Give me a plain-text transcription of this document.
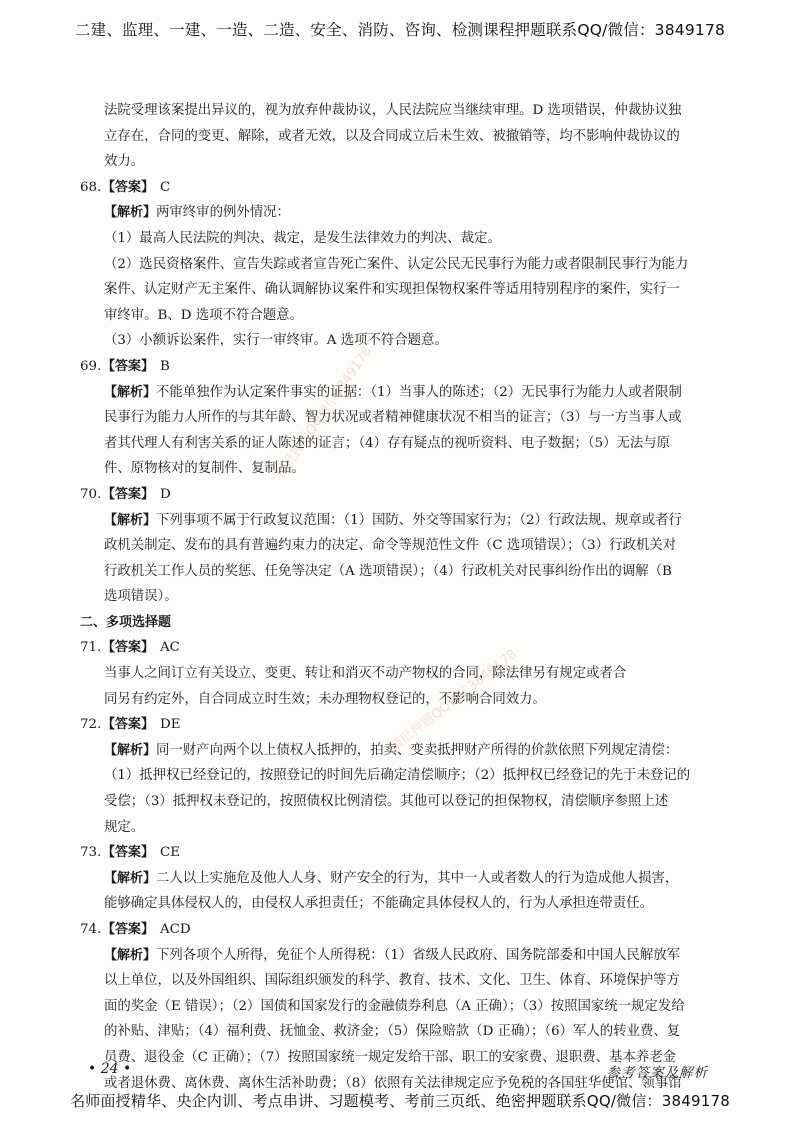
二建、监理、一建、一造、二造、安全、消防、咨询、检测课程押题联系QQ/微信：3849178
精批押题QQ微信3849178
精批押题QQ微信3849178
法院受理该案提出异议的，视为放弃仲裁协议，人民法院应当继续审理。D 选项错误，仲裁协议独
立存在，合同的变更、解除，或者无效，以及合同成立后未生效、被撤销等，均不影响仲裁协议的
效力。
68.【答案】 C
【解析】两审终审的例外情况：
（1）最高人民法院的判决、裁定，是发生法律效力的判决、裁定。
（2）选民资格案件、宣告失踪或者宣告死亡案件、认定公民无民事行为能力或者限制民事行为能力
案件、认定财产无主案件、确认调解协议案件和实现担保物权案件等适用特别程序的案件，实行一
审终审。B、D 选项不符合题意。
（3）小额诉讼案件，实行一审终审。A 选项不符合题意。
69.【答案】 B
【解析】不能单独作为认定案件事实的证据：（1）当事人的陈述；（2）无民事行为能力人或者限制
民事行为能力人所作的与其年龄、智力状况或者精神健康状况不相当的证言；（3）与一方当事人或
者其代理人有利害关系的证人陈述的证言；（4）存有疑点的视听资料、电子数据；（5）无法与原
件、原物核对的复制件、复制品。
70.【答案】 D
【解析】下列事项不属于行政复议范围：（1）国防、外交等国家行为；（2）行政法规、规章或者行
政机关制定、发布的具有普遍约束力的决定、命令等规范性文件（C 选项错误）；（3）行政机关对
行政机关工作人员的奖惩、任免等决定（A 选项错误）；（4）行政机关对民事纠纷作出的调解（B
选项错误）。
二、多项选择题
71.【答案】 AC
当事人之间订立有关设立、变更、转让和消灭不动产物权的合同，除法律另有规定或者合
同另有约定外，自合同成立时生效；未办理物权登记的，不影响合同效力。
72.【答案】 DE
【解析】同一财产向两个以上债权人抵押的，拍卖、变卖抵押财产所得的价款依照下列规定清偿：
（1）抵押权已经登记的，按照登记的时间先后确定清偿顺序；（2）抵押权已经登记的先于未登记的
受偿；（3）抵押权未登记的，按照债权比例清偿。其他可以登记的担保物权，清偿顺序参照上述
规定。
73.【答案】 CE
【解析】二人以上实施危及他人人身、财产安全的行为，其中一人或者数人的行为造成他人损害，
能够确定具体侵权人的，由侵权人承担责任；不能确定具体侵权人的，行为人承担连带责任。
74.【答案】 ACD
【解析】下列各项个人所得，免征个人所得税：（1）省级人民政府、国务院部委和中国人民解放军
以上单位，以及外国组织、国际组织颁发的科学、教育、技术、文化、卫生、体育、环境保护等方
面的奖金（E 错误）；（2）国债和国家发行的金融债券利息（A 正确）；（3）按照国家统一规定发给
的补贴、津贴；（4）福利费、抚恤金、救济金；（5）保险赔款（D 正确）；（6）军人的转业费、复
员费、退役金（C 正确）；（7）按照国家统一规定发给干部、职工的安家费、退职费、基本养老金
或者退休费、离休费、离休生活补助费；（8）依照有关法律规定应予免税的各国驻华使馆、领事馆
• 24 •	参考答案及解析
名师面授精华、央企内训、考点串讲、习题模考、考前三页纸、绝密押题联系QQ/微信：3849178
